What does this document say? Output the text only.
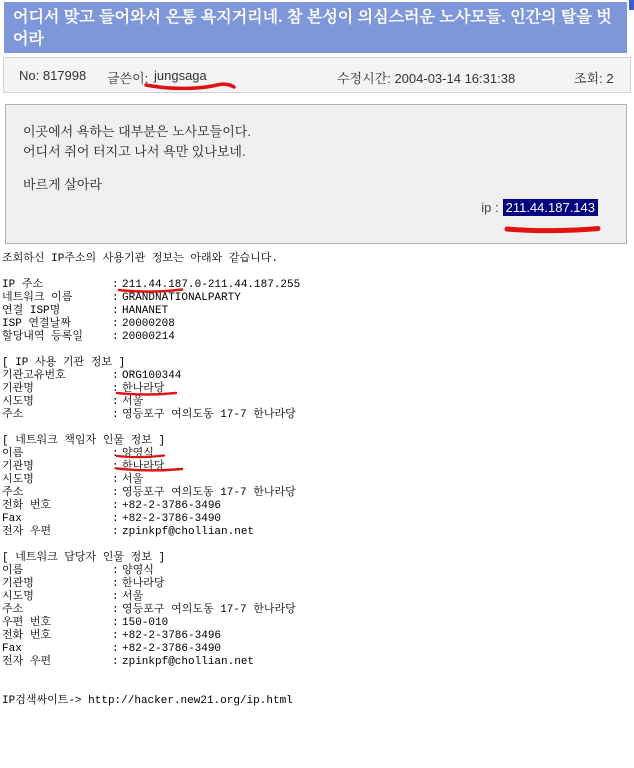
어디서 맞고 들어와서 온통 욕지거리네. 참 본성이 의심스러운 노사모들. 인간의 탈을 벗어라
No: 817998 글쓴이: jungsaga	수정시간: 2004-03-14 16:31:38	조회: 2
이곳에서 욕하는 대부분은 노사모들이다.
어디서 쥐어 터지고 나서 욕만 있나보네.
바르게 살아라
ip : 211.44.187.143
조회하신 IP주소의 사용기관 정보는 아래와 같습니다.
IP 주소	: 211.44.187.0-211.44.187.255
네트워크 이름	: GRANDNATIONALPARTY
연결 ISP명	: HANANET
ISP 연결날짜	: 20000208
할당내역 등록일	: 20000214
[ IP 사용 기관 정보 ]
기관고유번호	: ORG100344
기관명	: 한나라당
시도명	: 서울
주소	: 영등포구 여의도동 17-7 한나라당
[ 네트워크 책임자 인물 정보 ]
이름	: 양영식
기관명	: 한나라당
시도명	: 서울
주소	: 영등포구 여의도동 17-7 한나라당
전화 번호	: +82-2-3786-3496
Fax	: +82-2-3786-3490
전자 우편	: zpinkpf@chollian.net
[ 네트워크 담당자 인물 정보 ]
이름	: 양영식
기관명	: 한나라당
시도명	: 서울
주소	: 영등포구 여의도동 17-7 한나라당
우편 번호	: 150-010
전화 번호	: +82-2-3786-3496
Fax	: +82-2-3786-3490
전자 우편	: zpinkpf@chollian.net
IP검색싸이트-> http://hacker.new21.org/ip.html
